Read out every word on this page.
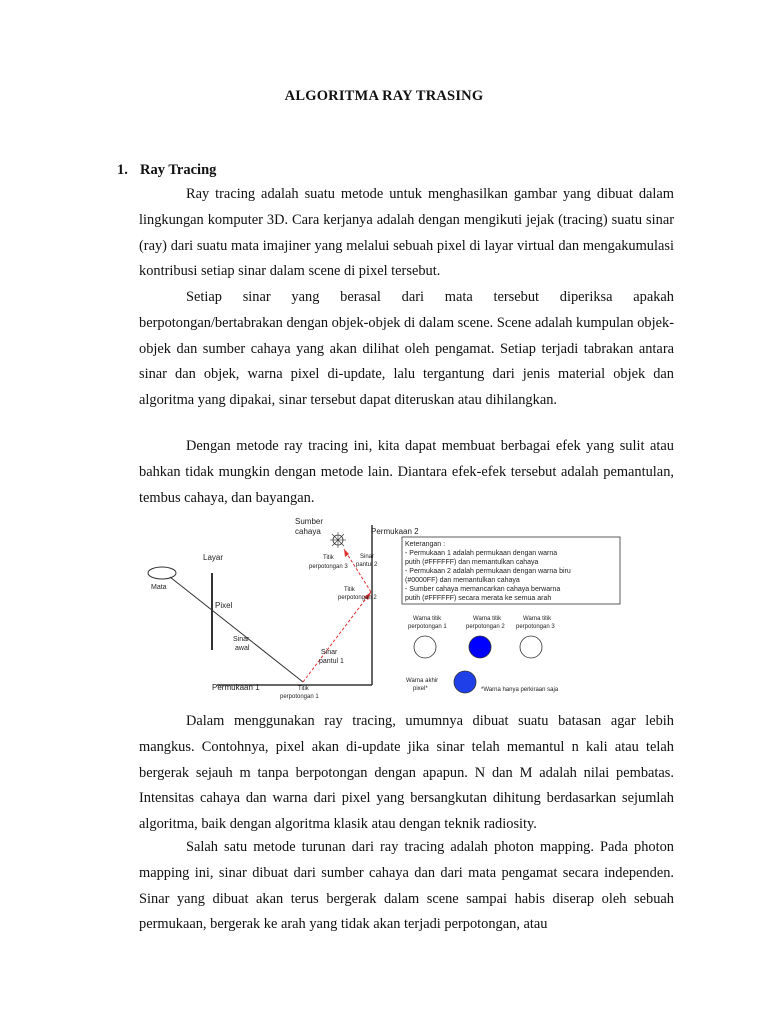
ALGORITMA RAY TRASING
1. Ray Tracing

Ray tracing adalah suatu metode untuk menghasilkan gambar yang dibuat dalam lingkungan komputer 3D. Cara kerjanya adalah dengan mengikuti jejak (tracing) suatu sinar (ray) dari suatu mata imajiner yang melalui sebuah pixel di layar virtual dan mengakumulasi kontribusi setiap sinar dalam scene di pixel tersebut.

Setiap sinar yang berasal dari mata tersebut diperiksa apakah berpotongan/bertabrakan dengan objek-objek di dalam scene. Scene adalah kumpulan objek-objek dan sumber cahaya yang akan dilihat oleh pengamat. Setiap terjadi tabrakan antara sinar dan objek, warna pixel di-update, lalu tergantung dari jenis material objek dan algoritma yang dipakai, sinar tersebut dapat diteruskan atau dihilangkan.

Dengan metode ray tracing ini, kita dapat membuat berbagai efek yang sulit atau bahkan tidak mungkin dengan metode lain. Diantara efek-efek tersebut adalah pemantulan, tembus cahaya, dan bayangan.

Sumber
cahaya	Permukaan 2
Layar
Mata
Pixel
Titik
perpotongan 3
Sinar
pantul 2
Titik
perpotongan 2
Sinar
awal
Sinar
pantul 1
Permukaan 1	Titik
perpotongan 1
Keterangan :
- Permukaan 1 adalah permukaan dengan warna
putih (#FFFFFF) dan memantulkan cahaya
- Permukaan 2 adalah permukaan dengan warna biru
(#0000FF) dan memantulkan cahaya
- Sumber cahaya memancarkan cahaya berwarna
putih (#FFFFFF) secara merata ke semua arah
Warna titik
perpotongan 1
Warna titik
perpotongan 2
Warna titik
perpotongan 3
Warna akhir
pixel*	*Warna hanya perkiraan saja

Dalam menggunakan ray tracing, umumnya dibuat suatu batasan agar lebih mangkus. Contohnya, pixel akan di-update jika sinar telah memantul n kali atau telah bergerak sejauh m tanpa berpotongan dengan apapun. N dan M adalah nilai pembatas. Intensitas cahaya dan warna dari pixel yang bersangkutan dihitung berdasarkan sejumlah algoritma, baik dengan algoritma klasik atau dengan teknik radiosity.

Salah satu metode turunan dari ray tracing adalah photon mapping. Pada photon mapping ini, sinar dibuat dari sumber cahaya dan dari mata pengamat secara independen. Sinar yang dibuat akan terus bergerak dalam scene sampai habis diserap oleh sebuah permukaan, bergerak ke arah yang tidak akan terjadi perpotongan, atau
